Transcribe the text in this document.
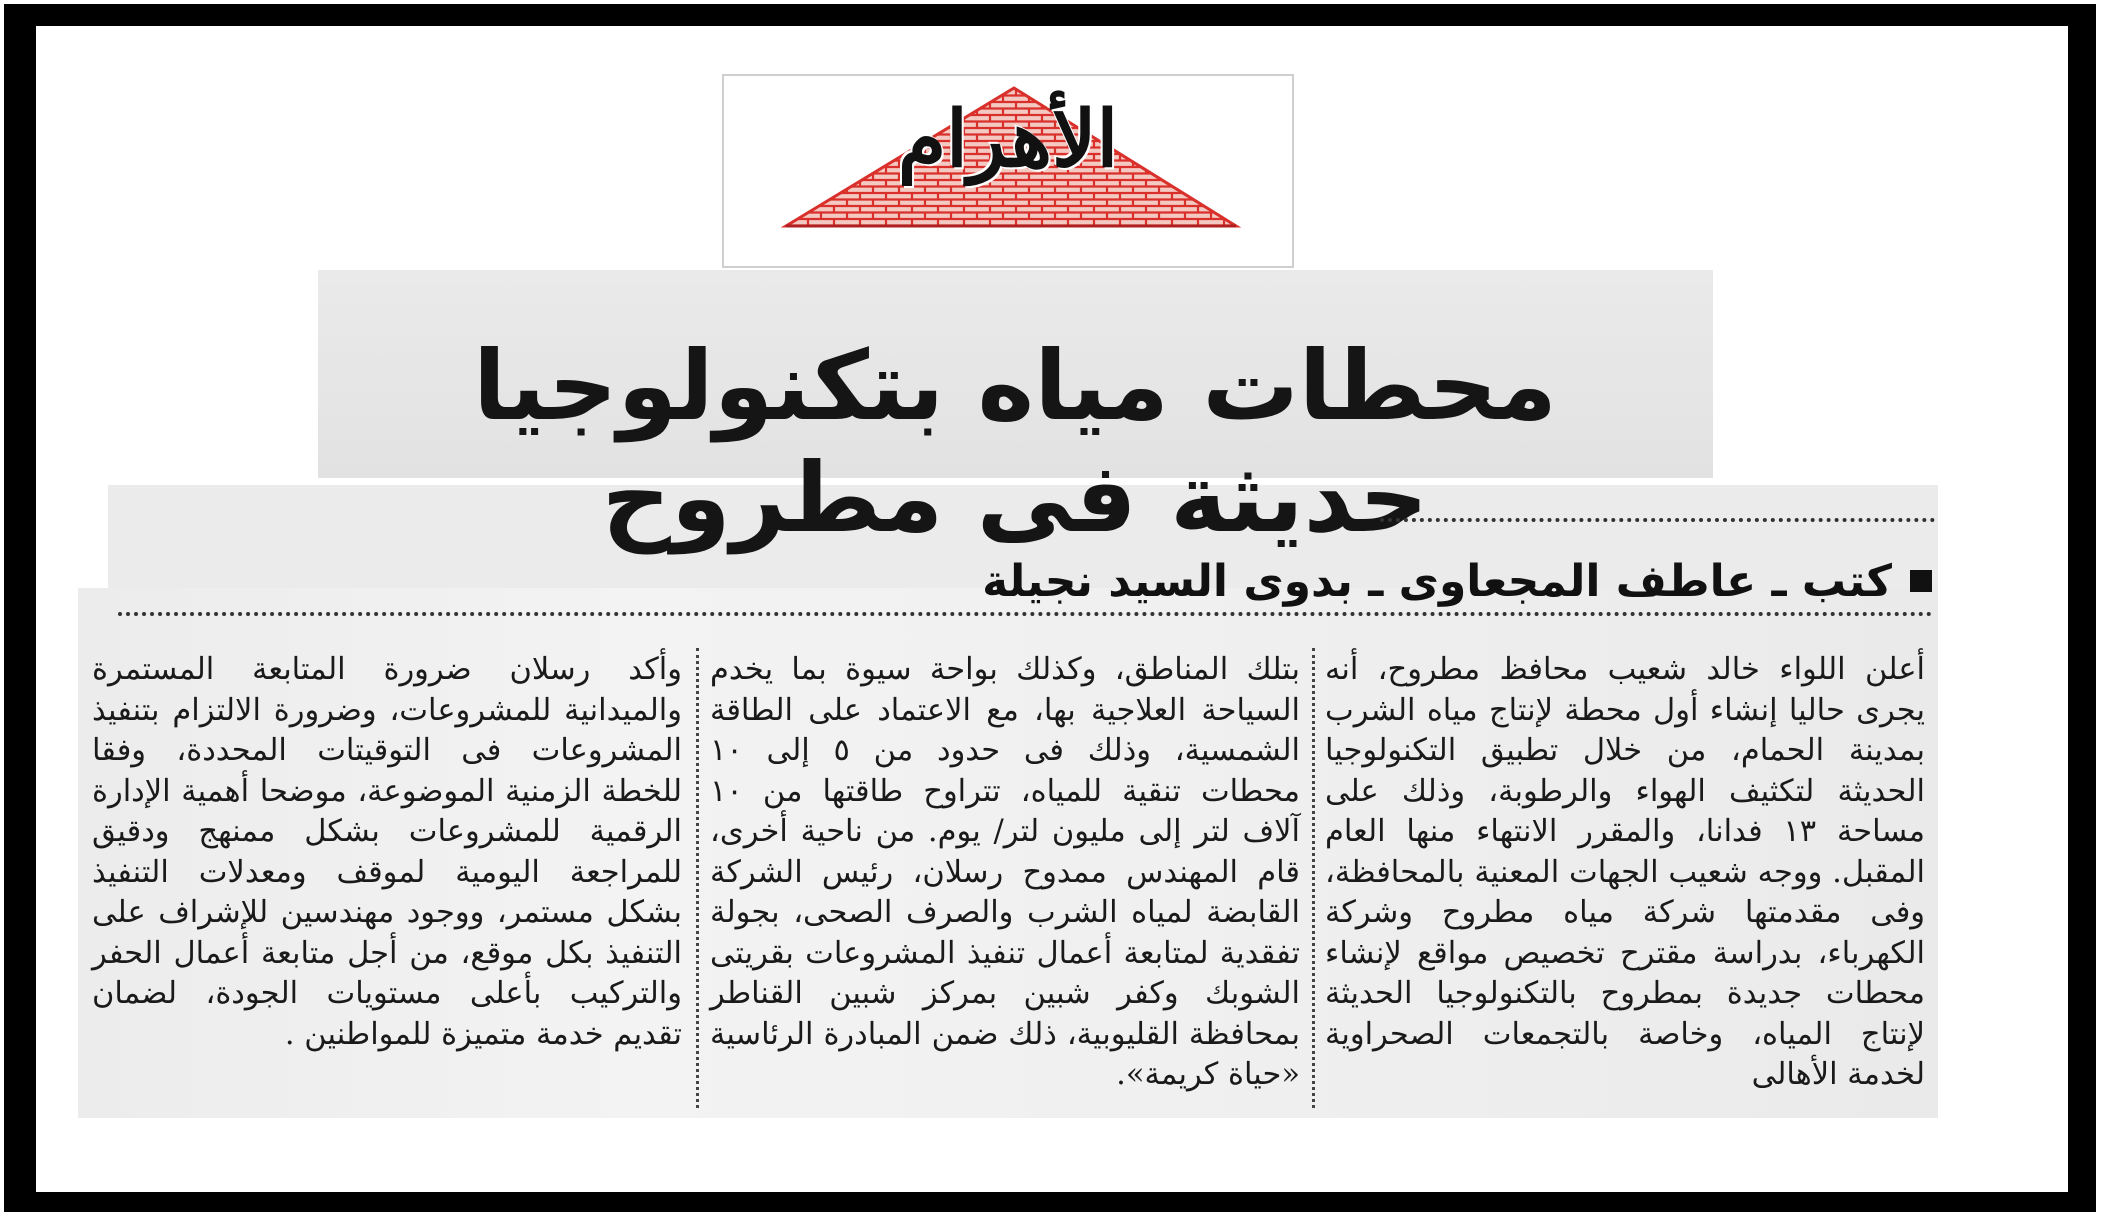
الأهرام
محطات مياه بتكنولوجيا حديثة فى مطروح
كتب ـ عاطف المجعاوى ـ بدوى السيد نجيلة

أعلن اللواء خالد شعيب محافظ مطروح، أنه يجرى حاليا إنشاء أول محطة لإنتاج مياه الشرب بمدينة الحمام، من خلال تطبيق التكنولوجيا الحديثة لتكثيف الهواء والرطوبة، وذلك على مساحة ١٣ فدانا، والمقرر الانتهاء منها العام المقبل. ووجه شعيب الجهات المعنية بالمحافظة، وفى مقدمتها شركة مياه مطروح وشركة الكهرباء، بدراسة مقترح تخصيص مواقع لإنشاء محطات جديدة بمطروح بالتكنولوجيا الحديثة لإنتاج المياه، وخاصة بالتجمعات الصحراوية لخدمة الأهالى

بتلك المناطق، وكذلك بواحة سيوة بما يخدم السياحة العلاجية بها، مع الاعتماد على الطاقة الشمسية، وذلك فى حدود من ٥ إلى ١٠ محطات تنقية للمياه، تتراوح طاقتها من ١٠ آلاف لتر إلى مليون لتر/ يوم. من ناحية أخرى، قام المهندس ممدوح رسلان، رئيس الشركة القابضة لمياه الشرب والصرف الصحى، بجولة تفقدية لمتابعة أعمال تنفيذ المشروعات بقريتى الشوبك وكفر شبين بمركز شبين القناطر بمحافظة القليوبية، ذلك ضمن المبادرة الرئاسية «حياة كريمة».

وأكد رسلان ضرورة المتابعة المستمرة والميدانية للمشروعات، وضرورة الالتزام بتنفيذ المشروعات فى التوقيتات المحددة، وفقا للخطة الزمنية الموضوعة، موضحا أهمية الإدارة الرقمية للمشروعات بشكل ممنهج ودقيق للمراجعة اليومية لموقف ومعدلات التنفيذ بشكل مستمر، ووجود مهندسين للإشراف على التنفيذ بكل موقع، من أجل متابعة أعمال الحفر والتركيب بأعلى مستويات الجودة، لضمان تقديم خدمة متميزة للمواطنين .
